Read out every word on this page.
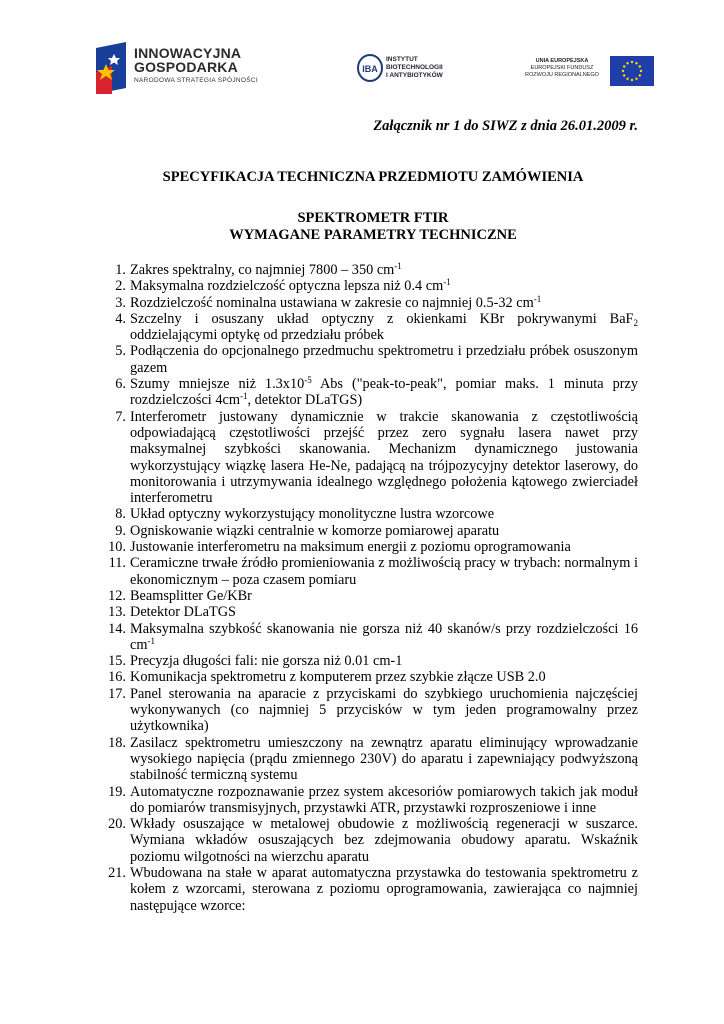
INNOWACYJNA
GOSPODARKA
NARODOWA STRATEGIA SPÓJNOŚCI
IBA
INSTYTUT
BIOTECHNOLOGII
I ANTYBIOTYKÓW
UNIA EUROPEJSKA
EUROPEJSKI FUNDUSZ
ROZWOJU REGIONALNEGO

Załącznik nr 1 do SIWZ z dnia 26.01.2009 r.

SPECYFIKACJA TECHNICZNA PRZEDMIOTU ZAMÓWIENIA

SPEKTROMETR FTIR
WYMAGANE PARAMETRY TECHNICZNE
1. Zakres spektralny, co najmniej 7800 – 350 $cm^{-1}$
2. Maksymalna rozdzielczość optyczna lepsza niż 0.4 $cm^{-1}$
3. Rozdzielczość nominalna ustawiana w zakresie co najmniej 0.5-32 $cm^{-1}$
4. Szczelny i osuszany układ optyczny z okienkami KBr pokrywanymi BaF$_2$ oddzielającymi optykę od przedziału próbek
5. Podłączenia do opcjonalnego przedmuchu spektrometru i przedziału próbek osuszonym gazem
6. Szumy mniejsze niż $1.3x10^{-5}$ Abs ("peak-to-peak", pomiar maks. 1 minuta przy rozdzielczości $4cm^{-1}$, detektor DLaTGS)
7. Interferometr justowany dynamicznie w trakcie skanowania z częstotliwością odpowiadającą częstotliwości przejść przez zero sygnału lasera nawet przy maksymalnej szybkości skanowania. Mechanizm dynamicznego justowania wykorzystujący wiązkę lasera He-Ne, padającą na trójpozycyjny detektor laserowy, do monitorowania i utrzymywania idealnego względnego położenia kątowego zwierciadeł interferometru
8. Układ optyczny wykorzystujący monolityczne lustra wzorcowe
9. Ogniskowanie wiązki centralnie w komorze pomiarowej aparatu
10. Justowanie interferometru na maksimum energii z poziomu oprogramowania
11. Ceramiczne trwałe źródło promieniowania z możliwością pracy w trybach: normalnym i ekonomicznym – poza czasem pomiaru
12. Beamsplitter Ge/KBr
13. Detektor DLaTGS
14. Maksymalna szybkość skanowania nie gorsza niż 40 skanów/s przy rozdzielczości 16 $cm^{-1}$
15. Precyzja długości fali: nie gorsza niż 0.01 cm-1
16. Komunikacja spektrometru z komputerem przez szybkie złącze USB 2.0
17. Panel sterowania na aparacie z przyciskami do szybkiego uruchomienia najczęściej wykonywanych (co najmniej 5 przycisków w tym jeden programowalny przez użytkownika)
18. Zasilacz spektrometru umieszczony na zewnątrz aparatu eliminujący wprowadzanie wysokiego napięcia (prądu zmiennego 230V) do aparatu i zapewniający podwyższoną stabilność termiczną systemu
19. Automatyczne rozpoznawanie przez system akcesoriów pomiarowych takich jak moduł do pomiarów transmisyjnych, przystawki ATR, przystawki rozproszeniowe i inne
20. Wkłady osuszające w metalowej obudowie z możliwością regeneracji w suszarce. Wymiana wkładów osuszających bez zdejmowania obudowy aparatu. Wskaźnik poziomu wilgotności na wierzchu aparatu
21. Wbudowana na stałe w aparat automatyczna przystawka do testowania spektrometru z kołem z wzorcami, sterowana z poziomu oprogramowania, zawierająca co najmniej następujące wzorce:
